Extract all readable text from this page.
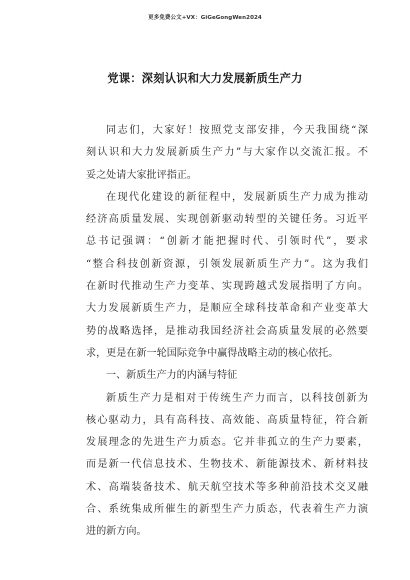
更多免费公文+VX：GiGeGongWen2024
党课：深刻认识和大力发展新质生产力
同志们，大家好！按照党支部安排，今天我围绕“深
刻认识和大力发展新质生产力”与大家作以交流汇报。不
妥之处请大家批评指正。
在现代化建设的新征程中，发展新质生产力成为推动
经济高质量发展、实现创新驱动转型的关键任务。习近平
总书记强调：“创新才能把握时代、引领时代”，要求
“整合科技创新资源，引领发展新质生产力”。这为我们
在新时代推动生产力变革、实现跨越式发展指明了方向。
大力发展新质生产力，是顺应全球科技革命和产业变革大
势的战略选择，是推动我国经济社会高质量发展的必然要
求，更是在新一轮国际竞争中赢得战略主动的核心依托。
一、新质生产力的内涵与特征
新质生产力是相对于传统生产力而言，以科技创新为
核心驱动力，具有高科技、高效能、高质量特征，符合新
发展理念的先进生产力质态。它并非孤立的生产力要素，
而是新一代信息技术、生物技术、新能源技术、新材料技
术、高端装备技术、航天航空技术等多种前沿技术交叉融
合、系统集成所催生的新型生产力质态，代表着生产力演
进的新方向。
